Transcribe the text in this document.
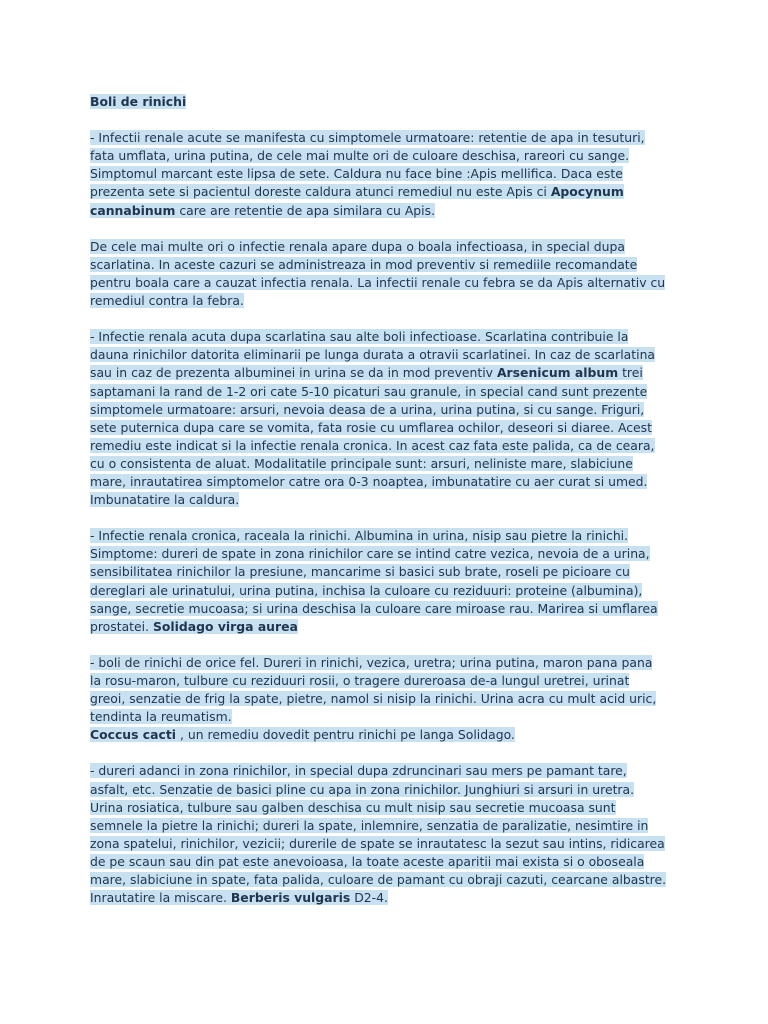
Boli de rinichi
- Infectii renale acute se manifesta cu simptomele urmatoare: retentie de apa in tesuturi,
fata umflata, urina putina, de cele mai multe ori de culoare deschisa, rareori cu sange.
Simptomul marcant este lipsa de sete. Caldura nu face bine :Apis mellifica. Daca este
prezenta sete si pacientul doreste caldura atunci remediul nu este Apis ci Apocynum
cannabinum care are retentie de apa similara cu Apis.
De cele mai multe ori o infectie renala apare dupa o boala infectioasa, in special dupa
scarlatina. In aceste cazuri se administreaza in mod preventiv si remediile recomandate
pentru boala care a cauzat infectia renala. La infectii renale cu febra se da Apis alternativ cu
remediul contra la febra.
- Infectie renala acuta dupa scarlatina sau alte boli infectioase. Scarlatina contribuie la
dauna rinichilor datorita eliminarii pe lunga durata a otravii scarlatinei. In caz de scarlatina
sau in caz de prezenta albuminei in urina se da in mod preventiv Arsenicum album trei
saptamani la rand de 1-2 ori cate 5-10 picaturi sau granule, in special cand sunt prezente
simptomele urmatoare: arsuri, nevoia deasa de a urina, urina putina, si cu sange. Friguri,
sete puternica dupa care se vomita, fata rosie cu umflarea ochilor, deseori si diaree. Acest
remediu este indicat si la infectie renala cronica. In acest caz fata este palida, ca de ceara,
cu o consistenta de aluat. Modalitatile principale sunt: arsuri, neliniste mare, slabiciune
mare, inrautatirea simptomelor catre ora 0-3 noaptea, imbunatatire cu aer curat si umed.
Imbunatatire la caldura.
- Infectie renala cronica, raceala la rinichi. Albumina in urina, nisip sau pietre la rinichi.
Simptome: dureri de spate in zona rinichilor care se intind catre vezica, nevoia de a urina,
sensibilitatea rinichilor la presiune, mancarime si basici sub brate, roseli pe picioare cu
dereglari ale urinatului, urina putina, inchisa la culoare cu reziduuri: proteine (albumina),
sange, secretie mucoasa; si urina deschisa la culoare care miroase rau. Marirea si umflarea
prostatei. Solidago virga aurea
- boli de rinichi de orice fel. Dureri in rinichi, vezica, uretra; urina putina, maron pana pana
la rosu-maron, tulbure cu reziduuri rosii, o tragere dureroasa de-a lungul uretrei, urinat
greoi, senzatie de frig la spate, pietre, namol si nisip la rinichi. Urina acra cu mult acid uric,
tendinta la reumatism.
Coccus cacti , un remediu dovedit pentru rinichi pe langa Solidago.
- dureri adanci in zona rinichilor, in special dupa zdruncinari sau mers pe pamant tare,
asfalt, etc. Senzatie de basici pline cu apa in zona rinichilor. Junghiuri si arsuri in uretra.
Urina rosiatica, tulbure sau galben deschisa cu mult nisip sau secretie mucoasa sunt
semnele la pietre la rinichi; dureri la spate, inlemnire, senzatia de paralizatie, nesimtire in
zona spatelui, rinichilor, vezicii; durerile de spate se inrautatesc la sezut sau intins, ridicarea
de pe scaun sau din pat este anevoioasa, la toate aceste aparitii mai exista si o oboseala
mare, slabiciune in spate, fata palida, culoare de pamant cu obraji cazuti, cearcane albastre.
Inrautatire la miscare. Berberis vulgaris D2-4.
